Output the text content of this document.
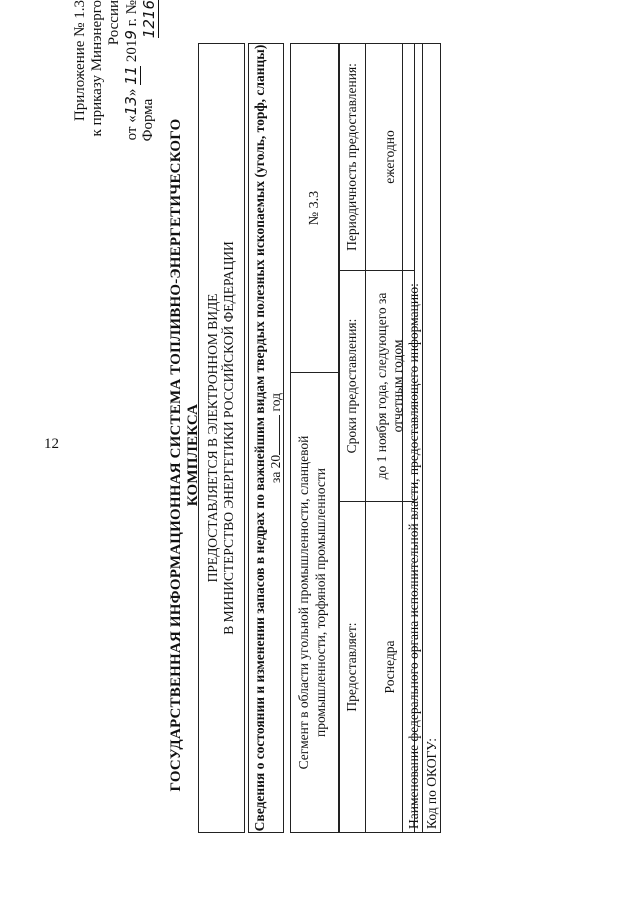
12
Приложение № 1.3 к приказу Минэнерго России
от «13» 11 2019 г. № 1216
Форма ГОСУДАРСТВЕННАЯ ИНФОРМАЦИОННАЯ СИСТЕМА ТОПЛИВНО-ЭНЕРГЕТИЧЕСКОГО КОМПЛЕКСА ПРЕДОСТАВЛЯЕТСЯ В ЭЛЕКТРОННОМ ВИДЕ В МИНИСТЕРСТВО ЭНЕРГЕТИКИ РОССИЙСКОЙ ФЕДЕРАЦИИ Сведения о состоянии и изменении запасов в недрах по важнейшим видам твердых полезных ископаемых (уголь, торф, сланцы) за 20 год
Сегмент в области угольной промышленности, сланцевой промышленности, торфяной промышленности
№ 3.3
Предоставляет:	Сроки предоставления:	Периодичность предоставления:
Роснедра	до 1 ноября года, следующего за отчетным годом	ежегодно
Наименование федерального органа исполнительной власти, предоставляющего информацию: Код по ОКОГУ:
